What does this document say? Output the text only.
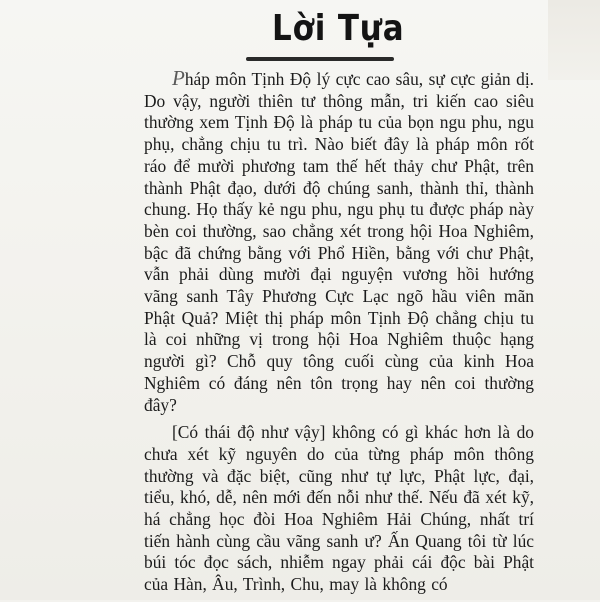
Lời Tựa

Pháp môn Tịnh Độ lý cực cao sâu, sự cực giản dị. Do vậy, người thiên tư thông mẫn, tri kiến cao siêu thường xem Tịnh Độ là pháp tu của bọn ngu phu, ngu phụ, chẳng chịu tu trì. Nào biết đây là pháp môn rốt ráo để mười phương tam thế hết thảy chư Phật, trên thành Phật đạo, dưới độ chúng sanh, thành thỉ, thành chung. Họ thấy kẻ ngu phu, ngu phụ tu được pháp này bèn coi thường, sao chẳng xét trong hội Hoa Nghiêm, bậc đã chứng bằng với Phổ Hiền, bằng với chư Phật, vẫn phải dùng mười đại nguyện vương hồi hướng vãng sanh Tây Phương Cực Lạc ngõ hầu viên mãn Phật Quả? Miệt thị pháp môn Tịnh Độ chẳng chịu tu là coi những vị trong hội Hoa Nghiêm thuộc hạng người gì? Chỗ quy tông cuối cùng của kinh Hoa Nghiêm có đáng nên tôn trọng hay nên coi thường đây?

[Có thái độ như vậy] không có gì khác hơn là do chưa xét kỹ nguyên do của từng pháp môn thông thường và đặc biệt, cũng như tự lực, Phật lực, đại, tiểu, khó, dễ, nên mới đến nỗi như thế. Nếu đã xét kỹ, há chẳng học đòi Hoa Nghiêm Hải Chúng, nhất trí tiến hành cùng cầu vãng sanh ư? Ấn Quang tôi từ lúc búi tóc đọc sách, nhiễm ngay phải cái độc bài Phật của Hàn, Âu, Trình, Chu, may là không có
